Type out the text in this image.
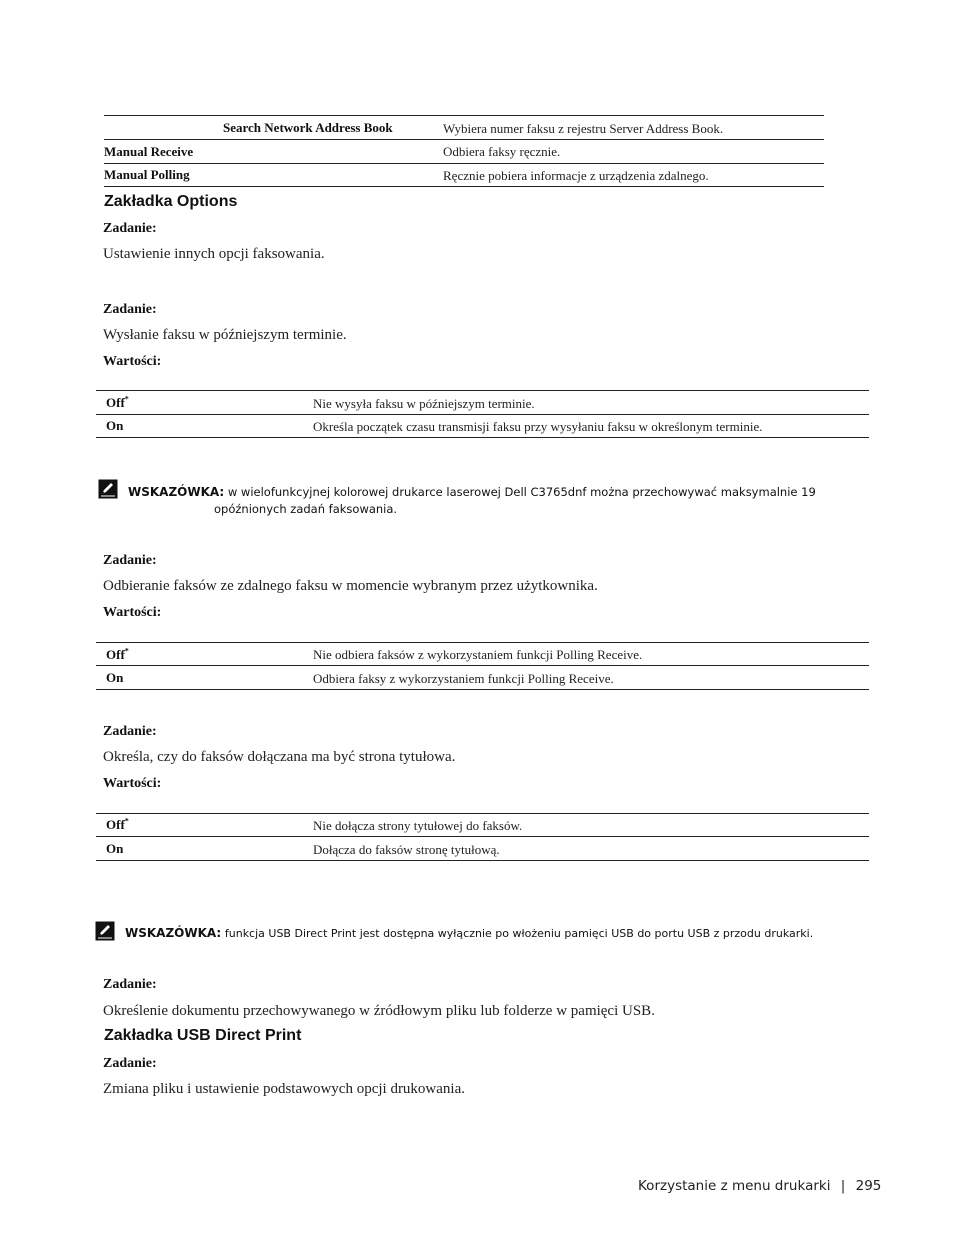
Search Network Address Book	Wybiera numer faksu z rejestru Server Address Book.
Manual Receive	Odbiera faksy ręcznie.
Manual Polling	Ręcznie pobiera informacje z urządzenia zdalnego.
Zakładka Options
Zadanie:
Ustawienie innych opcji faksowania.
Zadanie:
Wysłanie faksu w późniejszym terminie.
Wartości:
Off*	Nie wysyła faksu w późniejszym terminie.
On	Określa początek czasu transmisji faksu przy wysyłaniu faksu w określonym terminie.
WSKAZÓWKA: w wielofunkcyjnej kolorowej drukarce laserowej Dell C3765dnf można przechowywać maksymalnie 19
opóźnionych zadań faksowania.
Zadanie:
Odbieranie faksów ze zdalnego faksu w momencie wybranym przez użytkownika.
Wartości:
Off*	Nie odbiera faksów z wykorzystaniem funkcji Polling Receive.
On	Odbiera faksy z wykorzystaniem funkcji Polling Receive.
Zadanie:
Określa, czy do faksów dołączana ma być strona tytułowa.
Wartości:
Off*	Nie dołącza strony tytułowej do faksów.
On	Dołącza do faksów stronę tytułową.
WSKAZÓWKA: funkcja USB Direct Print jest dostępna wyłącznie po włożeniu pamięci USB do portu USB z przodu drukarki.
Zadanie:
Określenie dokumentu przechowywanego w źródłowym pliku lub folderze w pamięci USB.
Zakładka USB Direct Print
Zadanie:
Zmiana pliku i ustawienie podstawowych opcji drukowania.
Korzystanie z menu drukarki | 295
